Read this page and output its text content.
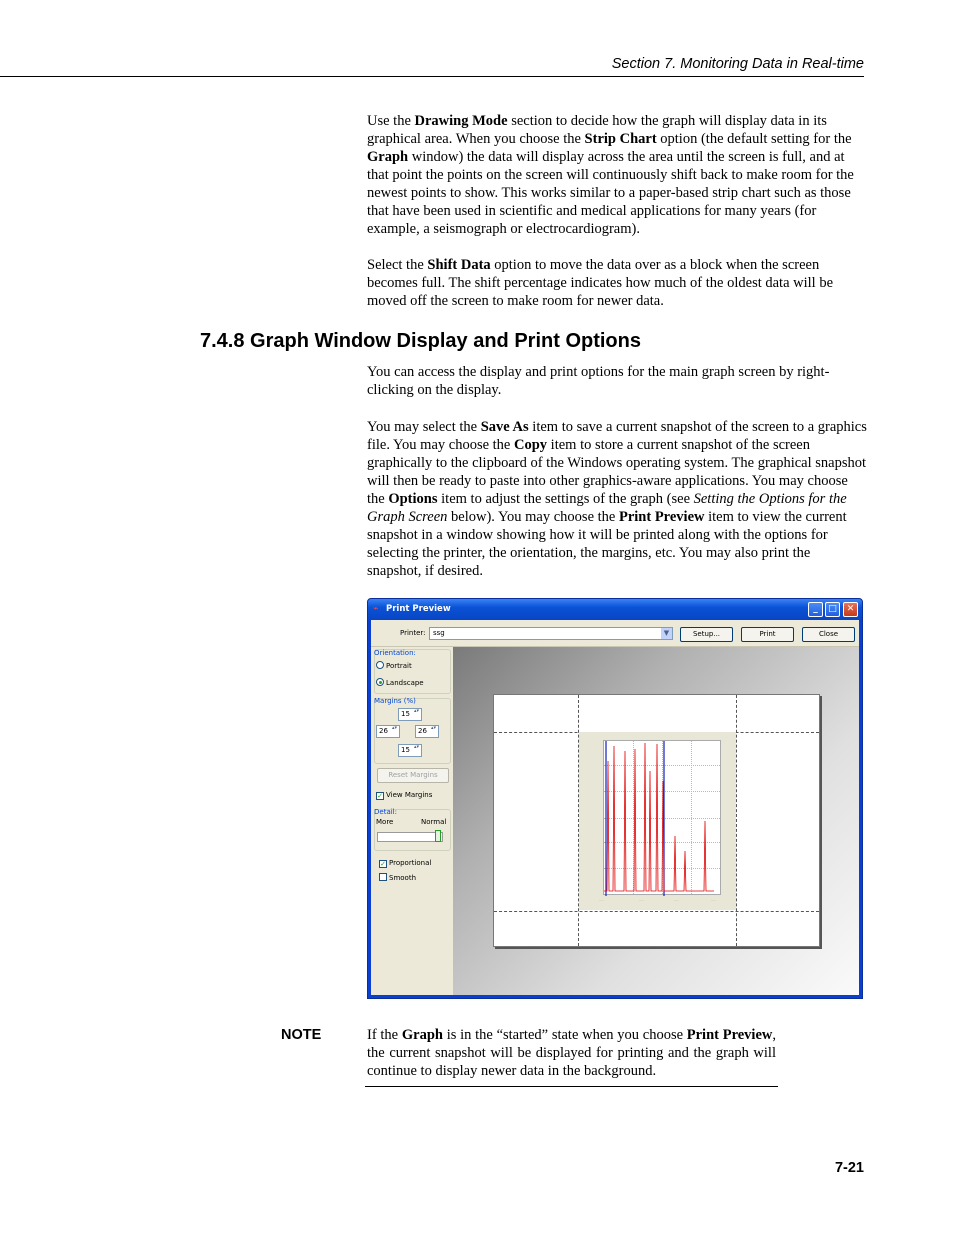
Section 7. Monitoring Data in Real-time

Use the Drawing Mode section to decide how the graph will display data in its graphical area. When you choose the Strip Chart option (the default setting for the Graph window) the data will display across the area until the screen is full, and at that point the points on the screen will continuously shift back to make room for the newest points to show. This works similar to a paper-based strip chart such as those that have been used in scientific and medical applications for many years (for example, a seismograph or electrocardiogram).

Select the Shift Data option to move the data over as a block when the screen becomes full. The shift percentage indicates how much of the oldest data will be moved off the screen to make room for newer data.

7.4.8 Graph Window Display and Print Options

You can access the display and print options for the main graph screen by right-clicking on the display.

You may select the Save As item to save a current snapshot of the screen to a graphics file. You may choose the Copy item to store a current snapshot of the screen graphically to the clipboard of the Windows operating system. The graphical snapshot will then be ready to paste into other graphics-aware applications. You may choose the Options item to adjust the settings of the graph (see Setting the Options for the Graph Screen below). You may choose the Print Preview item to view the current snapshot in a window showing how it will be printed along with the options for selecting the printer, the orientation, the margins, etc. You may also print the snapshot, if desired.

⌁ Print Preview	_	□	✕
Printer:	ssg	▼	Setup...	Print	Close
Orientation:
Portrait
Landscape
Margins (%)
15 ▴▾
26 ▴▾	26 ▴▾
15 ▴▾
Reset Margins
✓ View Margins
Detail:
More	Normal
✓ Proportional
Smooth
·····	·····	·····	·····
NOTE	If the Graph is in the “started” state when you choose Print Preview, the current snapshot will be displayed for printing and the graph will continue to display newer data in the background.

7-21
